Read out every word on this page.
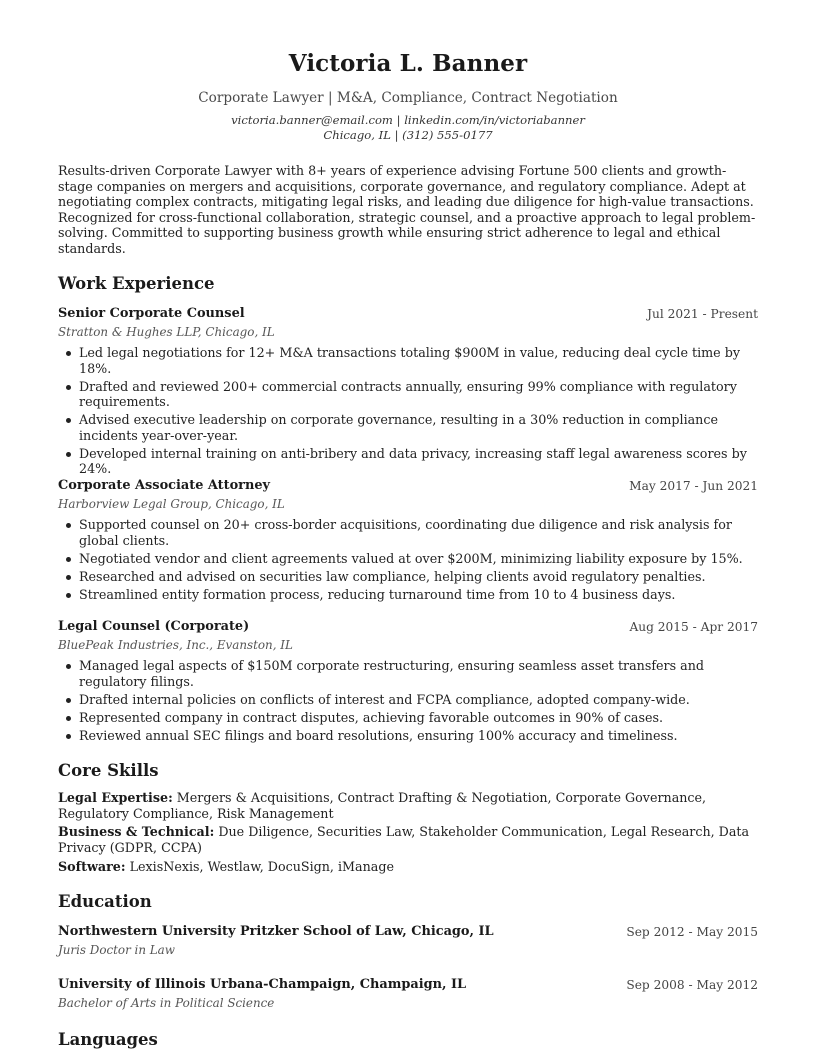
Victoria L. Banner
Corporate Lawyer | M&A, Compliance, Contract Negotiation
victoria.banner@email.com | linkedin.com/in/victoriabanner
Chicago, IL | (312) 555-0177
Results-driven Corporate Lawyer with 8+ years of experience advising Fortune 500 clients and growth-stage companies on mergers and acquisitions, corporate governance, and regulatory compliance. Adept at negotiating complex contracts, mitigating legal risks, and leading due diligence for high-value transactions. Recognized for cross-functional collaboration, strategic counsel, and a proactive approach to legal problem-solving. Committed to supporting business growth while ensuring strict adherence to legal and ethical standards.
Work Experience
Senior Corporate Counsel	Jul 2021 - Present
Stratton & Hughes LLP, Chicago, IL
Led legal negotiations for 12+ M&A transactions totaling $900M in value, reducing deal cycle time by 18%.
Drafted and reviewed 200+ commercial contracts annually, ensuring 99% compliance with regulatory requirements.
Advised executive leadership on corporate governance, resulting in a 30% reduction in compliance incidents year-over-year.
Developed internal training on anti-bribery and data privacy, increasing staff legal awareness scores by 24%.
Corporate Associate Attorney	May 2017 - Jun 2021
Harborview Legal Group, Chicago, IL
Supported counsel on 20+ cross-border acquisitions, coordinating due diligence and risk analysis for global clients.
Negotiated vendor and client agreements valued at over $200M, minimizing liability exposure by 15%.
Researched and advised on securities law compliance, helping clients avoid regulatory penalties.
Streamlined entity formation process, reducing turnaround time from 10 to 4 business days.
Legal Counsel (Corporate)	Aug 2015 - Apr 2017
BluePeak Industries, Inc., Evanston, IL
Managed legal aspects of $150M corporate restructuring, ensuring seamless asset transfers and regulatory filings.
Drafted internal policies on conflicts of interest and FCPA compliance, adopted company-wide.
Represented company in contract disputes, achieving favorable outcomes in 90% of cases.
Reviewed annual SEC filings and board resolutions, ensuring 100% accuracy and timeliness.
Core Skills
Legal Expertise: Mergers & Acquisitions, Contract Drafting & Negotiation, Corporate Governance, Regulatory Compliance, Risk Management
Business & Technical: Due Diligence, Securities Law, Stakeholder Communication, Legal Research, Data Privacy (GDPR, CCPA)
Software: LexisNexis, Westlaw, DocuSign, iManage
Education
Northwestern University Pritzker School of Law, Chicago, IL	Sep 2012 - May 2015
Juris Doctor in Law
University of Illinois Urbana-Champaign, Champaign, IL	Sep 2008 - May 2012
Bachelor of Arts in Political Science
Languages
